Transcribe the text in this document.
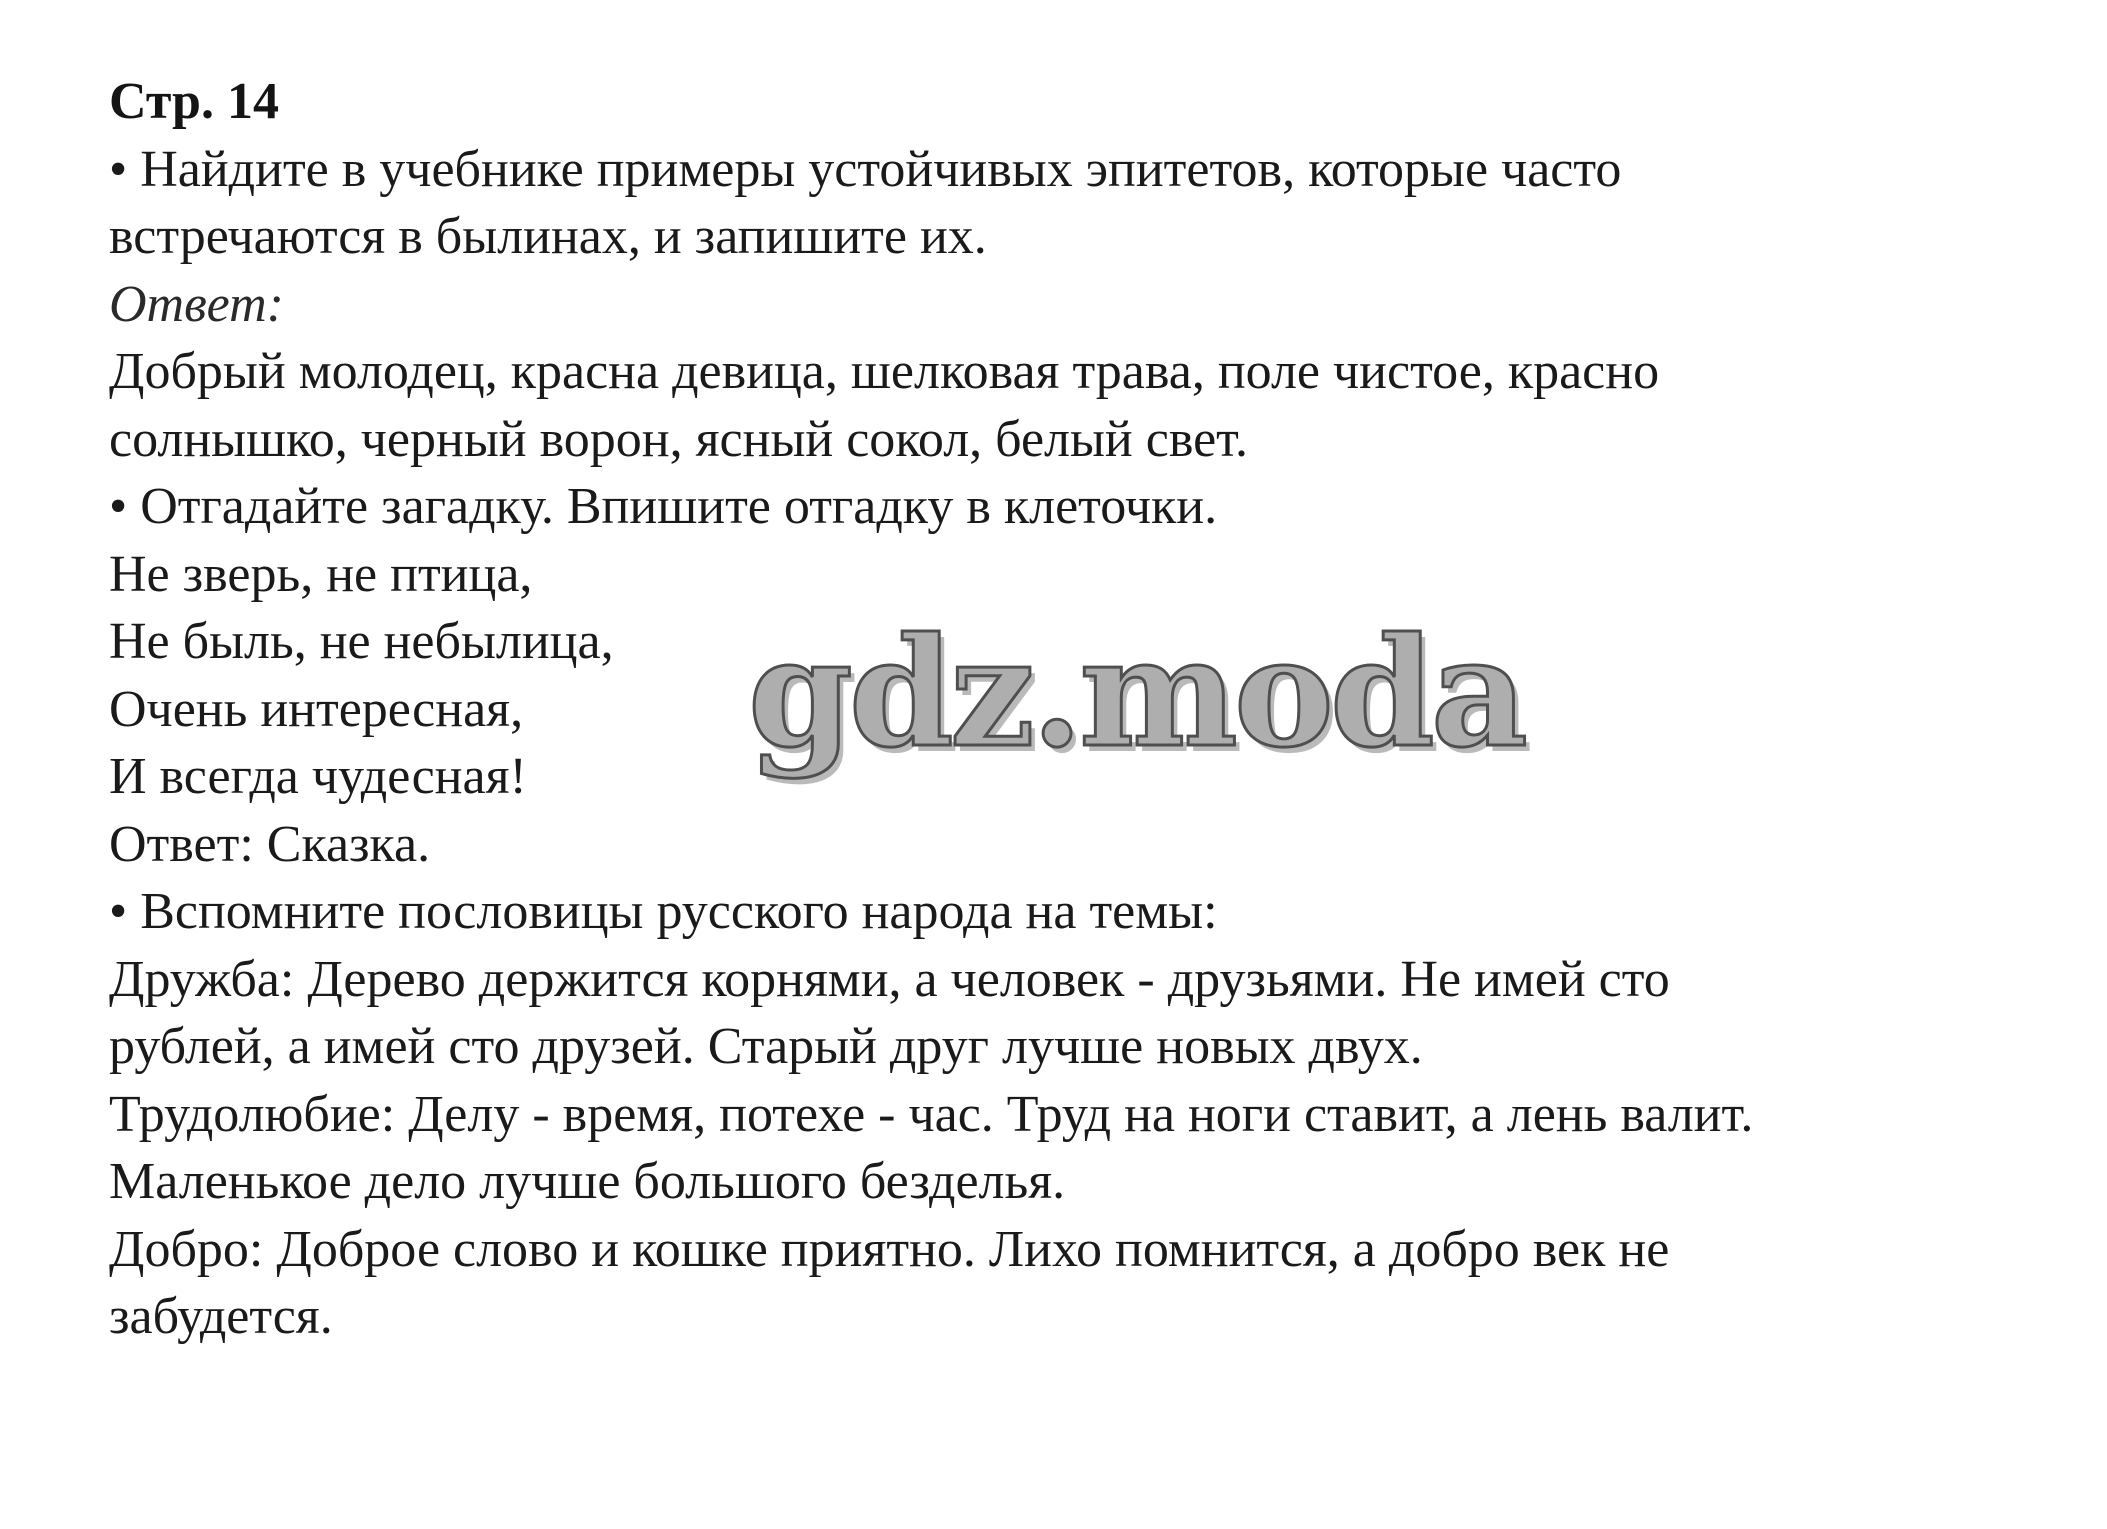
Стр. 14
• Найдите в учебнике примеры устойчивых эпитетов, которые часто
встречаются в былинах, и запишите их.
Ответ:
Добрый молодец, красна девица, шелковая трава, поле чистое, красно
солнышко, черный ворон, ясный сокол, белый свет.
• Отгадайте загадку. Впишите отгадку в клеточки.
Не зверь, не птица,
Не быль, не небылица,
Очень интересная,
И всегда чудесная!
Ответ: Сказка.
• Вспомните пословицы русского народа на темы:
Дружба: Дерево держится корнями, а человек - друзьями. Не имей сто
рублей, а имей сто друзей. Старый друг лучше новых двух.
Трудолюбие: Делу - время, потехе - час. Труд на ноги ставит, а лень валит.
Маленькое дело лучше большого безделья.
Добро: Доброе слово и кошке приятно. Лихо помнится, а добро век не
забудется.
gdz.moda
